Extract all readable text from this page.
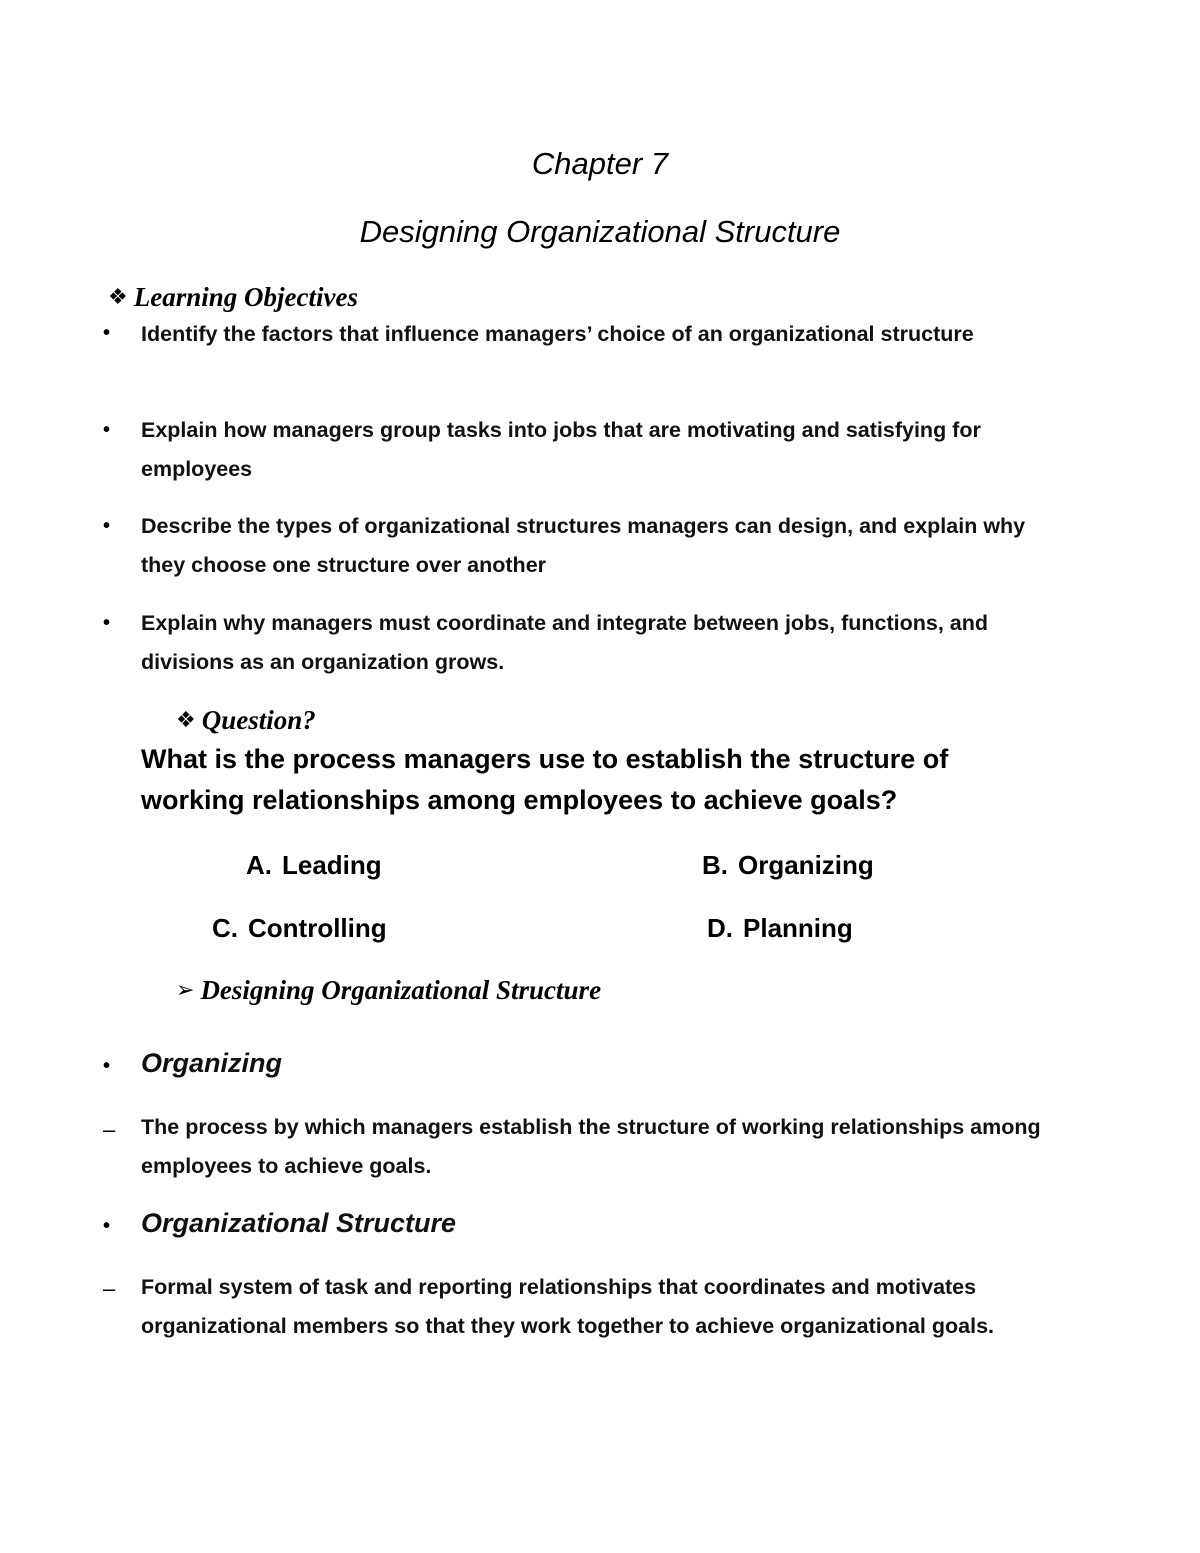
Chapter 7
Designing Organizational Structure
❖ Learning Objectives
• Identify the factors that influence managers’ choice of an organizational structure
• Explain how managers group tasks into jobs that are motivating and satisfying for employees
• Describe the types of organizational structures managers can design, and explain why they choose one structure over another
• Explain why managers must coordinate and integrate between jobs, functions, and divisions as an organization grows.
❖ Question?
What is the process managers use to establish the structure of working relationships among employees to achieve goals?
A. Leading	B. Organizing
C. Controlling	D. Planning
➢ Designing Organizational Structure
• Organizing
– The process by which managers establish the structure of working relationships among employees to achieve goals.
• Organizational Structure
– Formal system of task and reporting relationships that coordinates and motivates organizational members so that they work together to achieve organizational goals.
